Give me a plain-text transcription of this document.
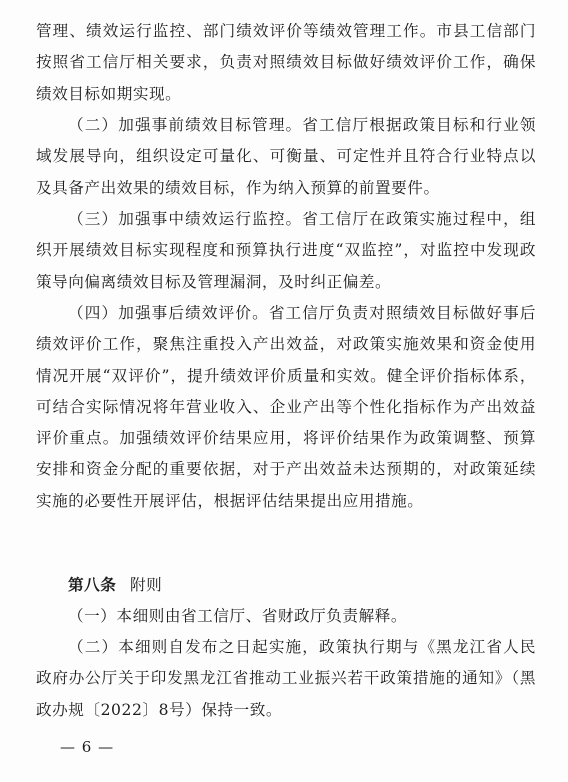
管理、绩效运行监控、部门绩效评价等绩效管理工作。市县工信部门按照省工信厅相关要求，负责对照绩效目标做好绩效评价工作，确保绩效目标如期实现。

（二）加强事前绩效目标管理。省工信厅根据政策目标和行业领域发展导向，组织设定可量化、可衡量、可定性并且符合行业特点以及具备产出效果的绩效目标，作为纳入预算的前置要件。

（三）加强事中绩效运行监控。省工信厅在政策实施过程中，组织开展绩效目标实现程度和预算执行进度“双监控”，对监控中发现政策导向偏离绩效目标及管理漏洞，及时纠正偏差。

（四）加强事后绩效评价。省工信厅负责对照绩效目标做好事后绩效评价工作，聚焦注重投入产出效益，对政策实施效果和资金使用情况开展“双评价”，提升绩效评价质量和实效。健全评价指标体系，可结合实际情况将年营业收入、企业产出等个性化指标作为产出效益评价重点。加强绩效评价结果应用，将评价结果作为政策调整、预算安排和资金分配的重要依据，对于产出效益未达预期的，对政策延续实施的必要性开展评估，根据评估结果提出应用措施。

第八条 附则

（一）本细则由省工信厅、省财政厅负责解释。

（二）本细则自发布之日起实施，政策执行期与《黑龙江省人民政府办公厅关于印发黑龙江省推动工业振兴若干政策措施的通知》（黑政办规〔2022〕8号）保持一致。

— 6 —
